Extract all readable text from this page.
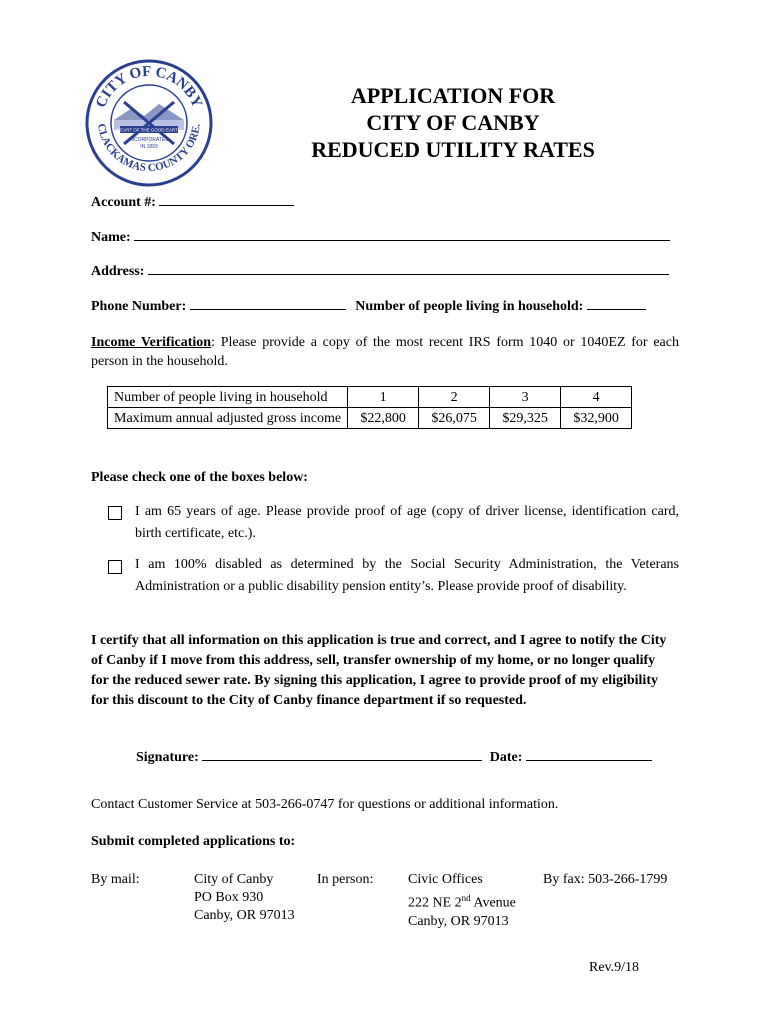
CITY OF CANBY
CLACKAMAS COUNTY ORE.
HEART OF THE GOOD EARTH
INCORPORATED
IN 1893
APPLICATION FOR
CITY OF CANBY
REDUCED UTILITY RATES
Account #:
Name:
Address:
Phone Number:	Number of people living in household:
Income Verification: Please provide a copy of the most recent IRS form 1040 or 1040EZ for each person in the household.
Number of people living in household	1	2	3	4
Maximum annual adjusted gross income	$22,800	$26,075	$29,325	$32,900
Please check one of the boxes below:
I am 65 years of age. Please provide proof of age (copy of driver license, identification card, birth certificate, etc.).
I am 100% disabled as determined by the Social Security Administration, the Veterans Administration or a public disability pension entity’s. Please provide proof of disability.
I certify that all information on this application is true and correct, and I agree to notify the City of Canby if I move from this address, sell, transfer ownership of my home, or no longer qualify for the reduced sewer rate. By signing this application, I agree to provide proof of my eligibility for this discount to the City of Canby finance department if so requested.
Signature:	Date:
Contact Customer Service at 503-266-0747 for questions or additional information.
Submit completed applications to:
By mail:	City of Canby
PO Box 930
Canby, OR 97013
In person: Civic Offices
222 NE 2nd Avenue
Canby, OR 97013
By fax: 503-266-1799
Rev.9/18
